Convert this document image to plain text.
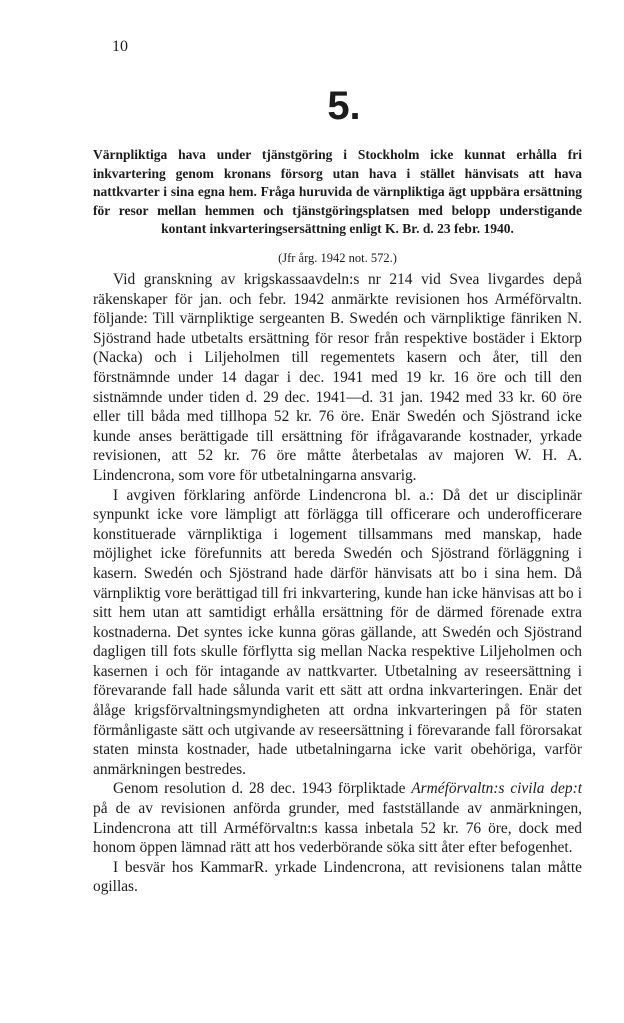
10
5.
Värnpliktiga hava under tjänstgöring i Stockholm icke kunnat erhålla fri inkvartering genom kronans försorg utan hava i stället hänvisats att hava nattkvarter i sina egna hem. Fråga huruvida de värnpliktiga ägt uppbära ersättning för resor mellan hemmen och tjänstgöringsplatsen med belopp understigande kontant inkvarteringsersättning enligt K. Br. d. 23 febr. 1940.
(Jfr årg. 1942 not. 572.)

Vid granskning av krigskassaavdeln:s nr 214 vid Svea livgardes depå räkenskaper för jan. och febr. 1942 anmärkte revisionen hos Arméförvaltn. följande: Till värnpliktige sergeanten B. Swedén och värnpliktige fänriken N. Sjöstrand hade utbetalts ersättning för resor från respektive bostäder i Ektorp (Nacka) och i Liljeholmen till regementets kasern och åter, till den förstnämnde under 14 dagar i dec. 1941 med 19 kr. 16 öre och till den sistnämnde under tiden d. 29 dec. 1941—d. 31 jan. 1942 med 33 kr. 60 öre eller till båda med tillhopa 52 kr. 76 öre. Enär Swedén och Sjöstrand icke kunde anses berättigade till ersättning för ifrågavarande kostnader, yrkade revisionen, att 52 kr. 76 öre måtte återbetalas av majoren W. H. A. Lindencrona, som vore för utbetalningarna ansvarig.

I avgiven förklaring anförde Lindencrona bl. a.: Då det ur disciplinär synpunkt icke vore lämpligt att förlägga till officerare och underofficerare konstituerade värnpliktiga i logement tillsammans med manskap, hade möjlighet icke förefunnits att bereda Swedén och Sjöstrand förläggning i kasern. Swedén och Sjöstrand hade därför hänvisats att bo i sina hem. Då värnpliktig vore berättigad till fri inkvartering, kunde han icke hänvisas att bo i sitt hem utan att samtidigt erhålla ersättning för de därmed förenade extra kostnaderna. Det syntes icke kunna göras gällande, att Swedén och Sjöstrand dagligen till fots skulle förflytta sig mellan Nacka respektive Liljeholmen och kasernen i och för intagande av nattkvarter. Utbetalning av reseersättning i förevarande fall hade sålunda varit ett sätt att ordna inkvarteringen. Enär det ålåge krigsförvaltningsmyndigheten att ordna inkvarteringen på för staten förmånligaste sätt och utgivande av reseersättning i förevarande fall förorsakat staten minsta kostnader, hade utbetalningarna icke varit obehöriga, varför anmärkningen bestredes.

Genom resolution d. 28 dec. 1943 förpliktade Arméförvaltn:s civila dep:t på de av revisionen anförda grunder, med fastställande av anmärkningen, Lindencrona att till Arméförvaltn:s kassa inbetala 52 kr. 76 öre, dock med honom öppen lämnad rätt att hos vederbörande söka sitt åter efter befogenhet.

I besvär hos KammarR. yrkade Lindencrona, att revisionens talan måtte ogillas.
